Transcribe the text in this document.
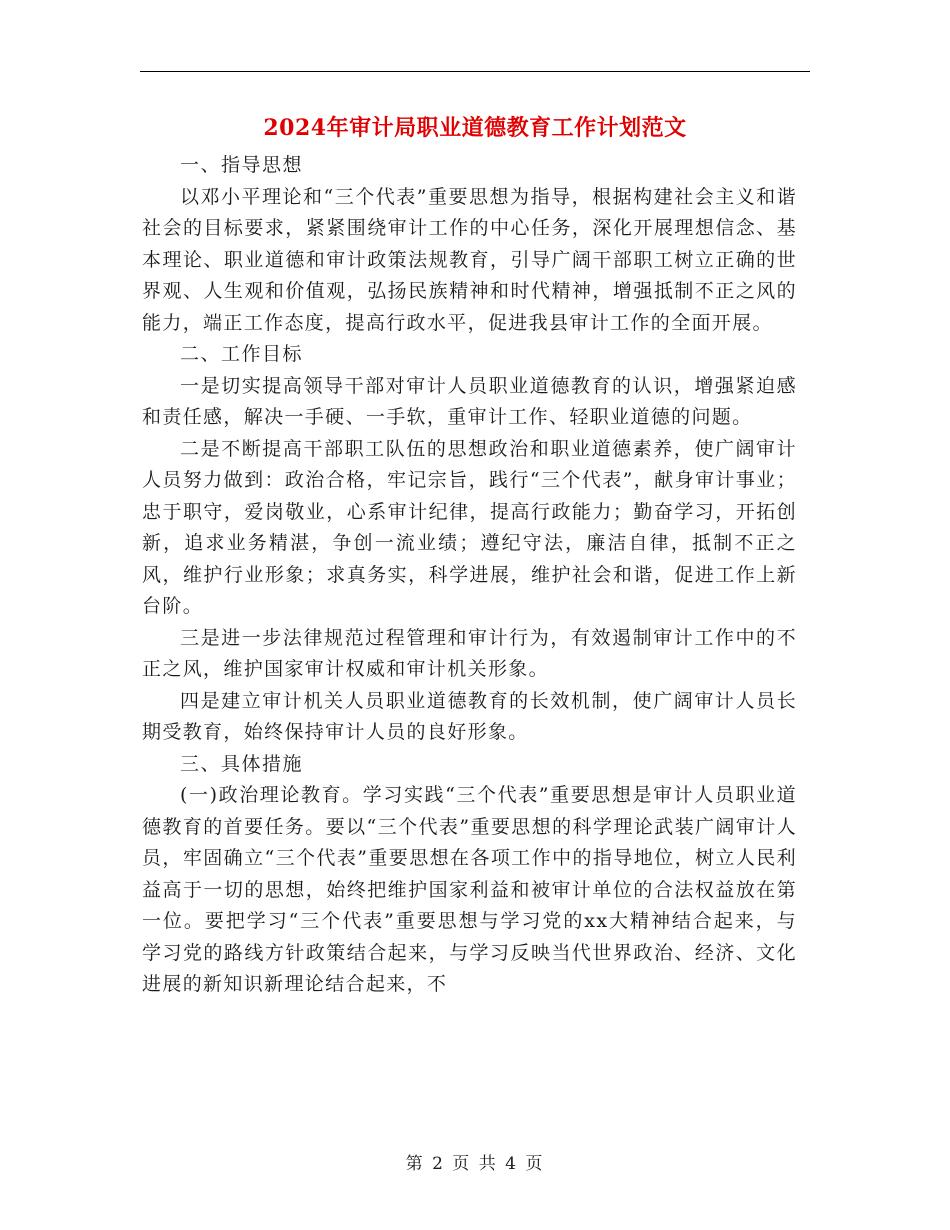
2024年审计局职业道德教育工作计划范文

一、指导思想

以邓小平理论和“三个代表”重要思想为指导，根据构建社会主义和谐社会的目标要求，紧紧围绕审计工作的中心任务，深化开展理想信念、基本理论、职业道德和审计政策法规教育，引导广阔干部职工树立正确的世界观、人生观和价值观，弘扬民族精神和时代精神，增强抵制不正之风的能力，端正工作态度，提高行政水平，促进我县审计工作的全面开展。

二、工作目标

一是切实提高领导干部对审计人员职业道德教育的认识，增强紧迫感和责任感，解决一手硬、一手软，重审计工作、轻职业道德的问题。

二是不断提高干部职工队伍的思想政治和职业道德素养，使广阔审计人员努力做到：政治合格，牢记宗旨，践行“三个代表”，献身审计事业；忠于职守，爱岗敬业，心系审计纪律，提高行政能力；勤奋学习，开拓创新，追求业务精湛，争创一流业绩；遵纪守法，廉洁自律，抵制不正之风，维护行业形象；求真务实，科学进展，维护社会和谐，促进工作上新台阶。

三是进一步法律规范过程管理和审计行为，有效遏制审计工作中的不正之风，维护国家审计权威和审计机关形象。

四是建立审计机关人员职业道德教育的长效机制，使广阔审计人员长期受教育，始终保持审计人员的良好形象。

三、具体措施

(一)政治理论教育。学习实践“三个代表”重要思想是审计人员职业道德教育的首要任务。要以“三个代表”重要思想的科学理论武装广阔审计人员，牢固确立“三个代表”重要思想在各项工作中的指导地位，树立人民利益高于一切的思想，始终把维护国家利益和被审计单位的合法权益放在第一位。要把学习“三个代表”重要思想与学习党的xx大精神结合起来，与学习党的路线方针政策结合起来，与学习反映当代世界政治、经济、文化进展的新知识新理论结合起来，不

第 2 页 共 4 页
